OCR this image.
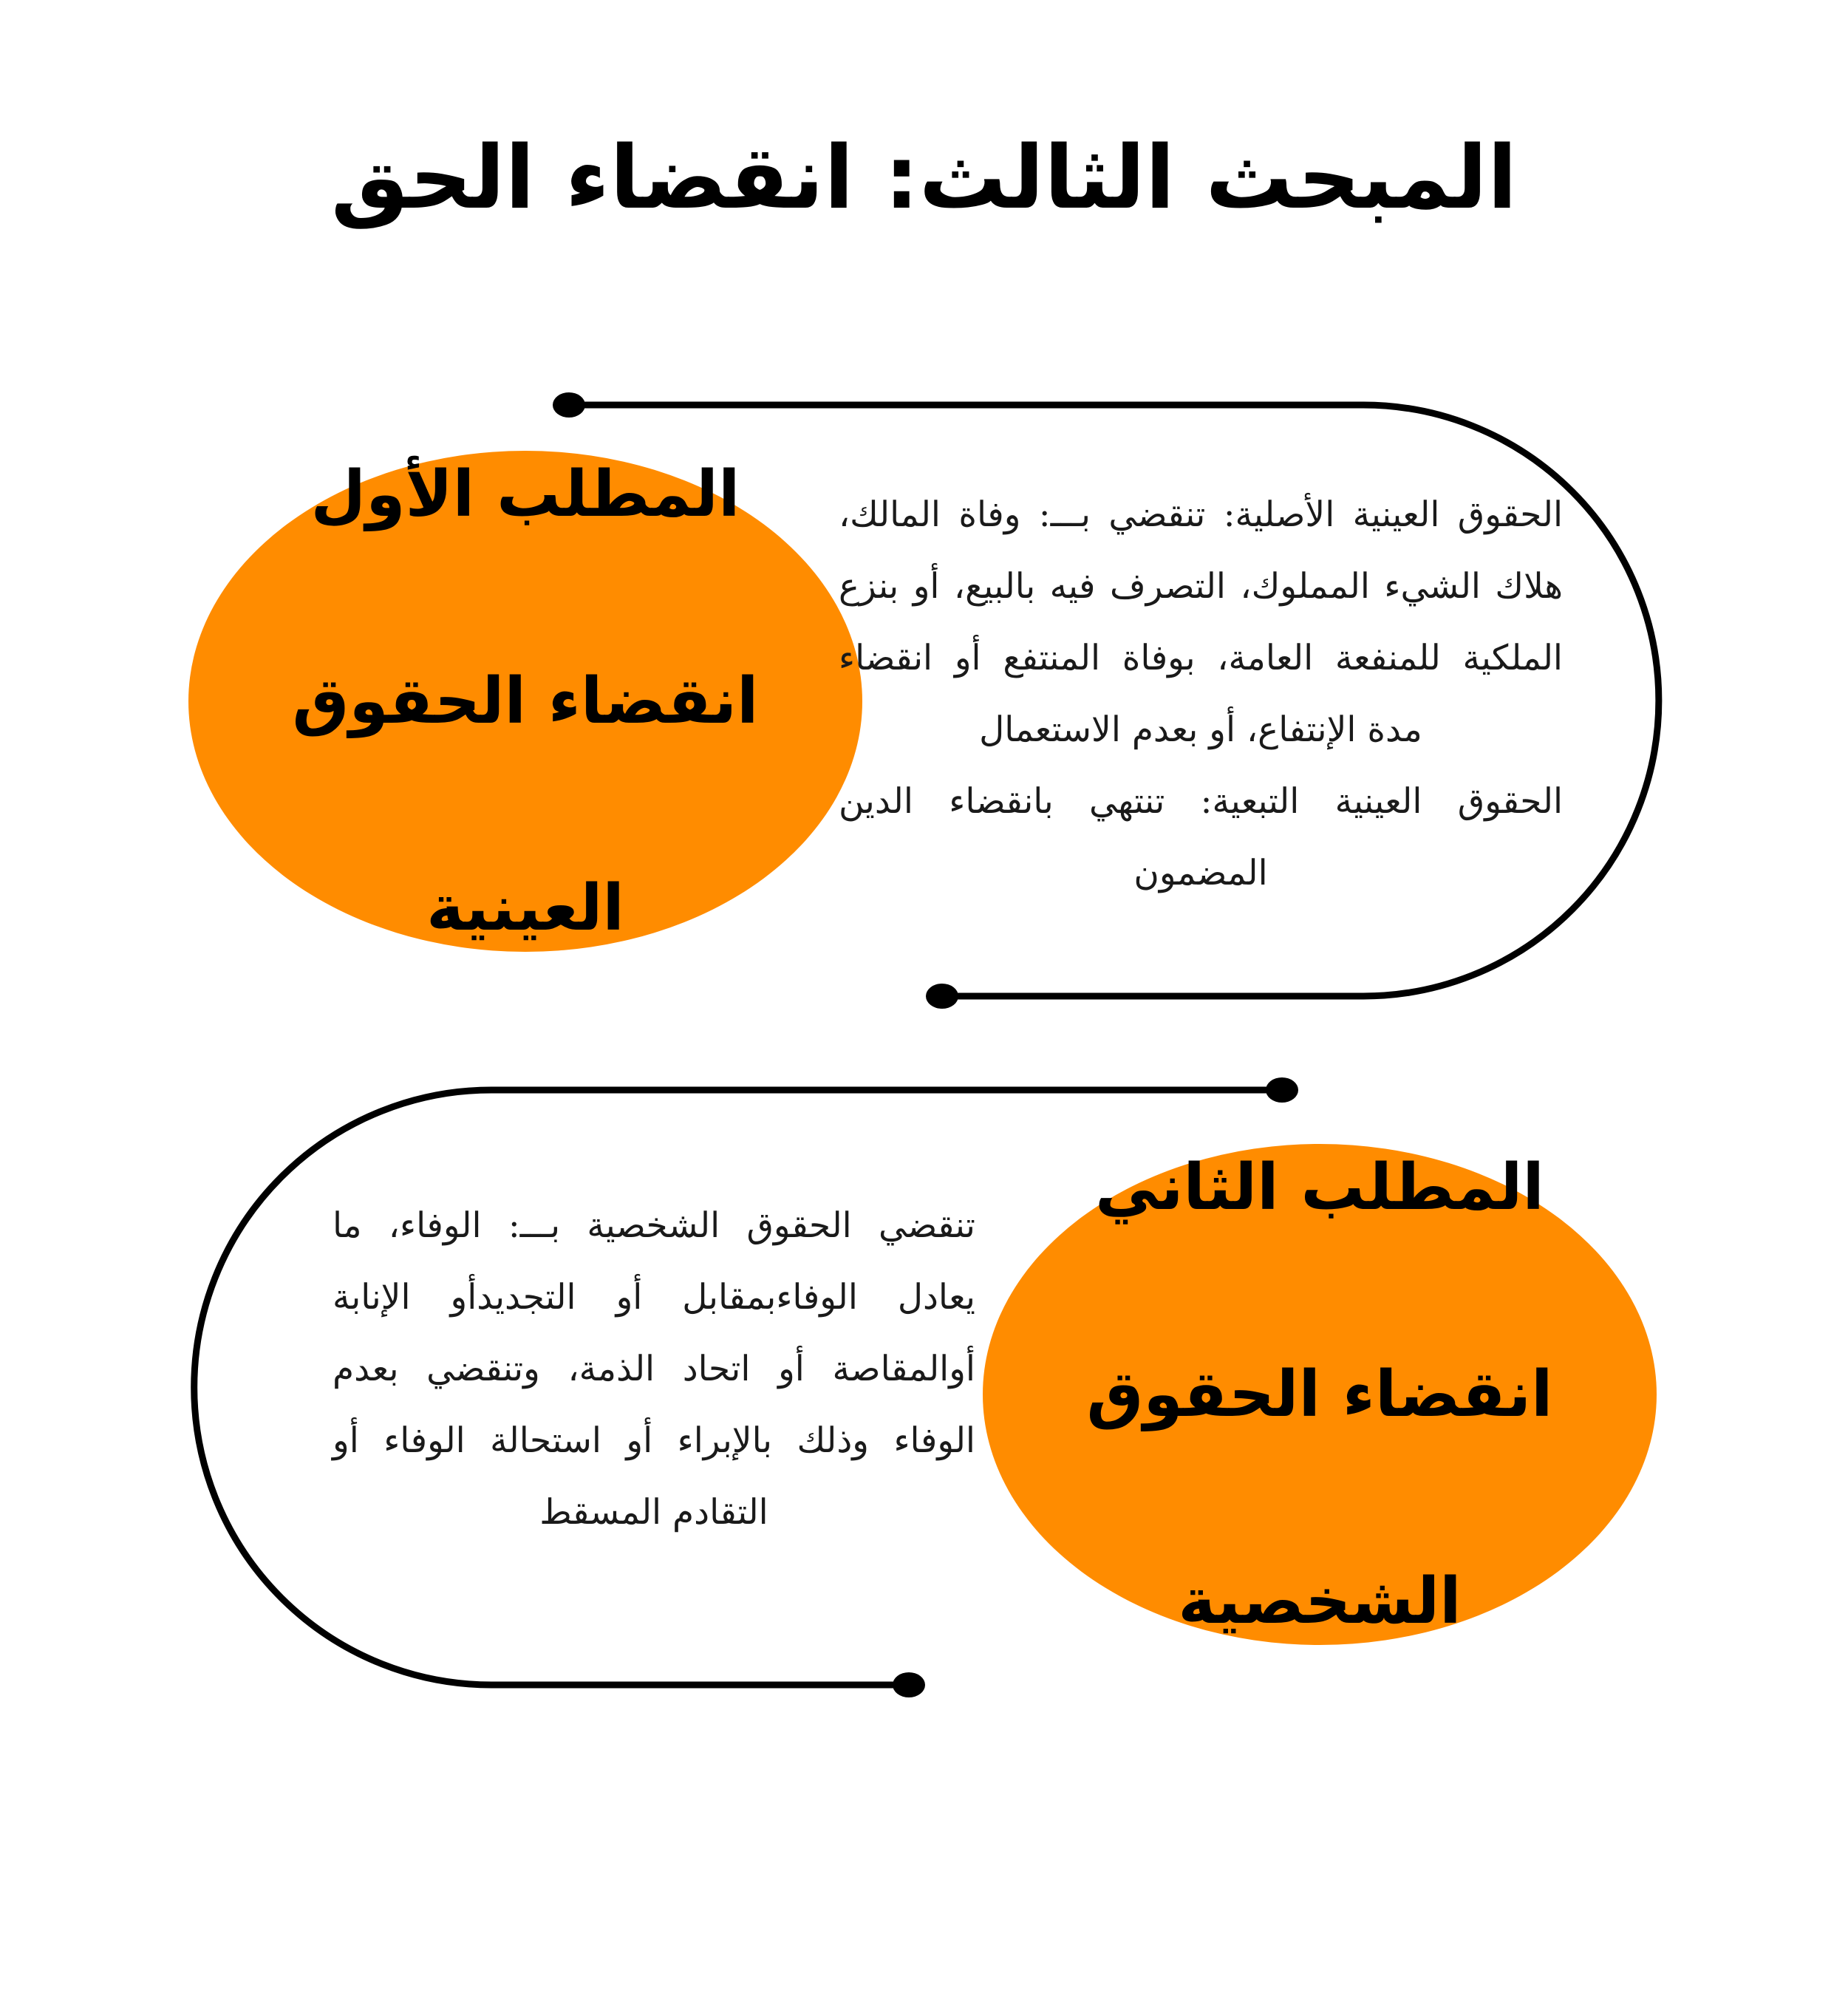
المبحث الثالث: انقضاء الحق

المطلب الأول

انقضاء الحقوق

العينية

الحقوق العينية الأصلية: تنقضي بـــ: وفاة المالك، هلاك الشيء المملوك، التصرف فيه بالبيع، أو بنزع الملكية للمنفعة العامة، بوفاة المنتفع أو انقضاء مدة الإنتفاع، أو بعدم الاستعمال

الحقوق العينية التبعية: تنتهي بانقضاء الدين المضمون

المطلب الثاني

انقضاء الحقوق

الشخصية

تنقضي الحقوق الشخصية بـــ: الوفاء، ما يعادل الوفاءبمقابل أو التجديدأو الإنابة أوالمقاصة أو اتحاد الذمة، وتنقضي بعدم الوفاء وذلك بالإبراء أو استحالة الوفاء أو التقادم المسقط
